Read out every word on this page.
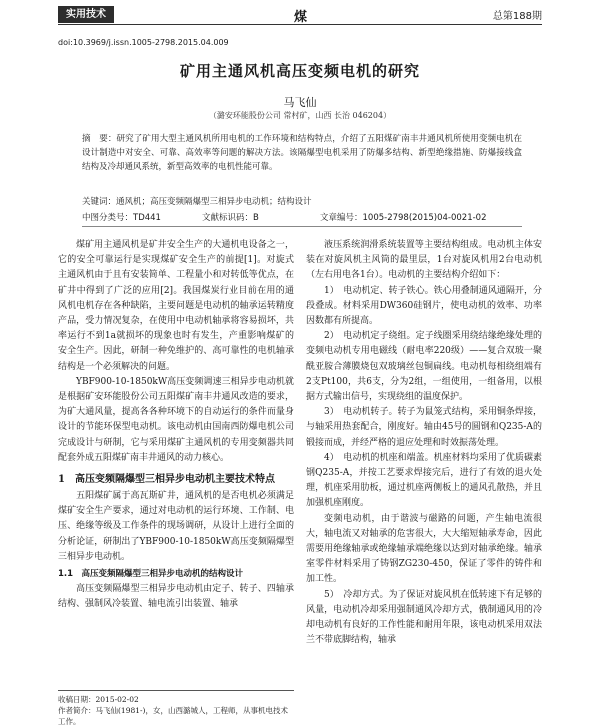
实用技术	煤	总第188期
doi:10.3969/j.issn.1005-2798.2015.04.009
矿用主通风机高压变频电机的研究
马飞仙
（潞安环能股份公司 常村矿，山西 长治 046204）
摘　要：研究了矿用大型主通风机所用电机的工作环境和结构特点，介绍了五阳煤矿南丰井通风机所使用变频电机在设计制造中对安全、可靠、高效率等问题的解决方法。该隔爆型电机采用了防爆多结构、新型绝缘措施、防爆接线盒结构及冷却通风系统，新型高效率的电机性能可靠。
关键词：通风机；高压变频隔爆型三相异步电动机；结构设计
中图分类号：TD441	文献标识码：B	文章编号：1005-2798(2015)04-0021-02

煤矿用主通风机是矿井安全生产的大通机电设备之一，它的安全可靠运行是实现煤矿安全生产的前提[1]。对旋式主通风机由于且有安装简单、工程量小和对转低等优点，在矿井中得到了广泛的应用[2]。我国煤炭行业目前在用的通风机电机存在各种缺陷，主要问题是电动机的轴承运转精度产品，受力情况复杂，在使用中电动机轴承将容易损坏，共率运行不到1a就损坏的现象也时有发生，产重影响煤矿的安全生产。因此，研制一种免维护的、高可靠性的电机轴承结构是一个必须解决的问题。

YBF900-10-1850kW高压变频调速三相异步电动机就是根据矿安环能股份公司五阳煤矿南丰井通风改造的要求，为矿大通风量，提高各各种环境下的自动运行的条件而量身设计的节能环保型电动机。该电动机由国南西防爆电机公司完成设计与研制，它与采用煤矿主通风机的专用变频器共同配套外成五阳煤矿南丰井通风的动力核心。

1　高压变频隔爆型三相异步电动机主要技术特点

五阳煤矿属于高瓦斯矿井，通风机的是否电机必须满足煤矿安全生产要求，通过对电动机的运行环境、工作制、电压、绝缘等级及工作条件的现场调研，从设计上进行全面的分析论证，研制出了YBF900-10-1850kW高压变频隔爆型三相异步电动机。

1.1　高压变频隔爆型三相异步电动机的结构设计

高压变频隔爆型三相异步电动机由定子、转子、四轴承结构、强制风冷装置、轴电流引出装置、轴承

液压系统润滑系统装置等主要结构组成。电动机主体安装在对旋风机主风筒的最里层，1台对旋风机用2台电动机（左右用电各1台）。电动机的主要结构介绍如下：

1）　电动机定、转子铁心。铁心用叠制通风通隔开，分段叠成。材料采用DW360硅钢片，使电动机的效率、功率因数都有所提高。

2）　电动机定子绕组。定子线圈采用绕结缘绝缘处理的变频电动机专用电磁线（耐电率220级）——复合双玻一聚酰亚胺合薄膜烧包双玻璃丝包铜扁线。电动机每相绕组端有2支Pt100，共6支，分为2组，一组使用，一组备用，以根据方式输出信号，实现绕组的温度保护。

3）　电动机转子。转子为鼠笼式结构，采用铜条焊接，与轴采用热套配合，刚度好。轴由45号的圆钢和Q235-A的锻接而成，并经严格的退应处理和时效振荡处理。

4）　电动机的机座和端盖。机座材料均采用了优质碳素钢Q235-A，并按工艺要求焊接完后，进行了有效的退火处理，机座采用肋板，通过机座两侧板上的通风孔散热，并且加强机座刚度。

变频电动机，由于谐波与磁路的问题，产生轴电流很大，轴电流又对轴承的危害很大，大大缩短轴承寿命，因此需要用绝缘轴承或绝缘轴承端绝缘以达到对轴承绝缘。轴承室零件材料采用了铸钢ZG230-450，保证了零件的铸件和加工性。

5）　冷却方式。为了保证对旋风机在低转速下有足够的风量，电动机冷却采用强制通风冷却方式，俄制通风用的冷却电动机有良好的工作性能和耐用年限，该电动机采用双法兰不带底脚结构，轴承

收稿日期：2015-02-02
作者简介：马飞仙(1981-)，女，山西潞城人，工程师，从事机电技术工作。
